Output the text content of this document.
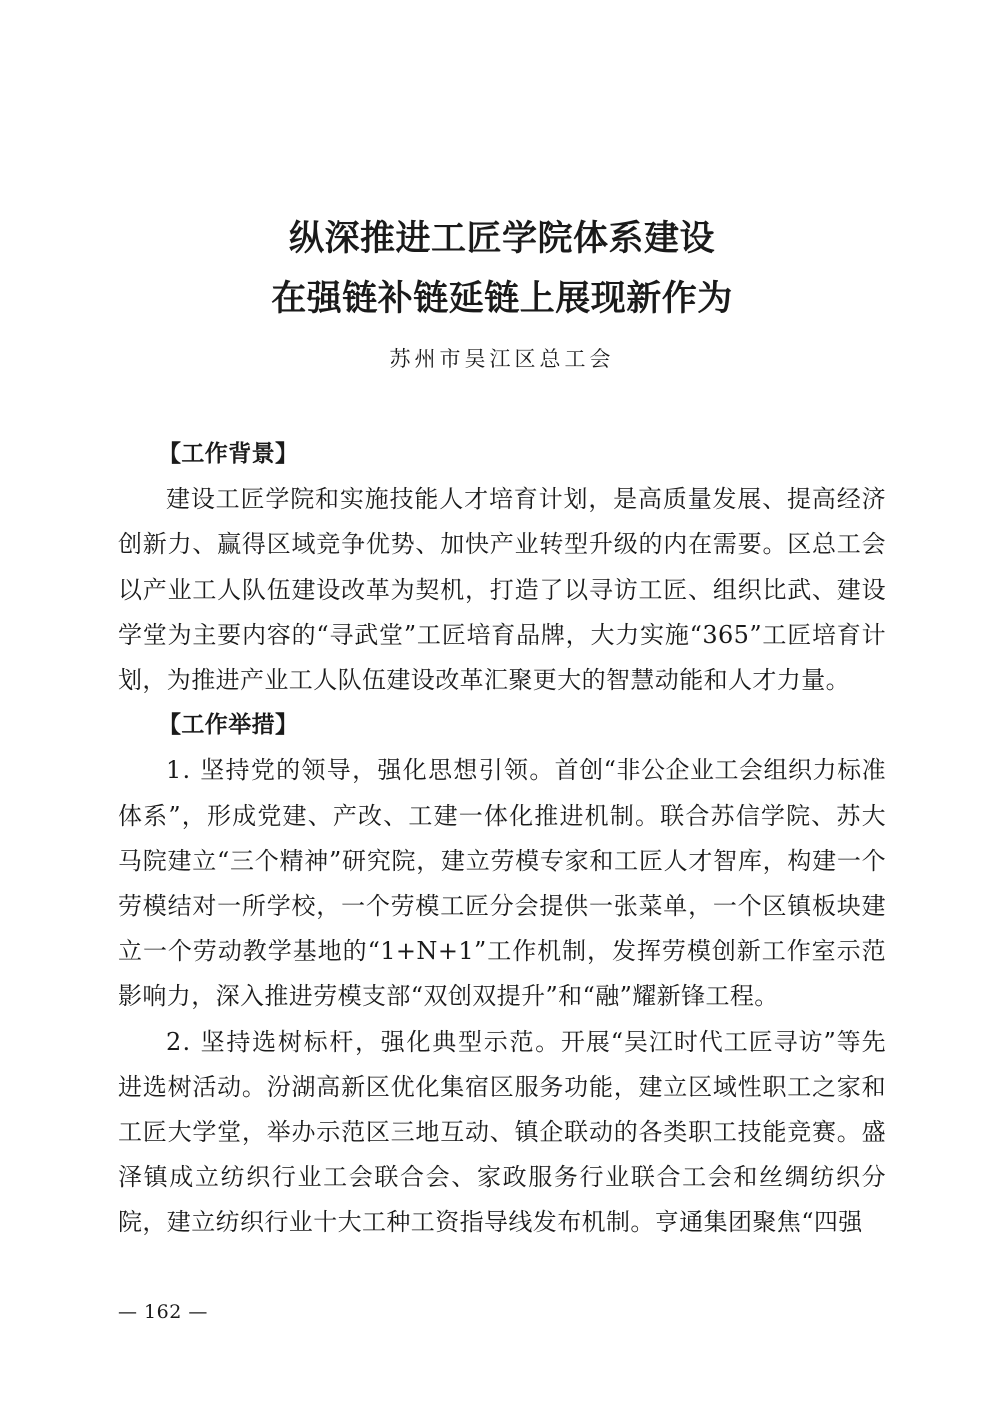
纵深推进工匠学院体系建设
在强链补链延链上展现新作为
苏州市吴江区总工会

【工作背景】

建设工匠学院和实施技能人才培育计划，是高质量发展、提高经济创新力、赢得区域竞争优势、加快产业转型升级的内在需要。区总工会以产业工人队伍建设改革为契机，打造了以寻访工匠、组织比武、建设学堂为主要内容的“寻武堂”工匠培育品牌，大力实施“365”工匠培育计划，为推进产业工人队伍建设改革汇聚更大的智慧动能和人才力量。

【工作举措】

1. 坚持党的领导，强化思想引领。首创“非公企业工会组织力标准体系”，形成党建、产改、工建一体化推进机制。联合苏信学院、苏大马院建立“三个精神”研究院，建立劳模专家和工匠人才智库，构建一个劳模结对一所学校，一个劳模工匠分会提供一张菜单，一个区镇板块建立一个劳动教学基地的“1+N+1”工作机制，发挥劳模创新工作室示范影响力，深入推进劳模支部“双创双提升”和“融”耀新锋工程。

2. 坚持选树标杆，强化典型示范。开展“吴江时代工匠寻访”等先进选树活动。汾湖高新区优化集宿区服务功能，建立区域性职工之家和工匠大学堂，举办示范区三地互动、镇企联动的各类职工技能竞赛。盛泽镇成立纺织行业工会联合会、家政服务行业联合工会和丝绸纺织分院，建立纺织行业十大工种工资指导线发布机制。亨通集团聚焦“四强

— 162 —
